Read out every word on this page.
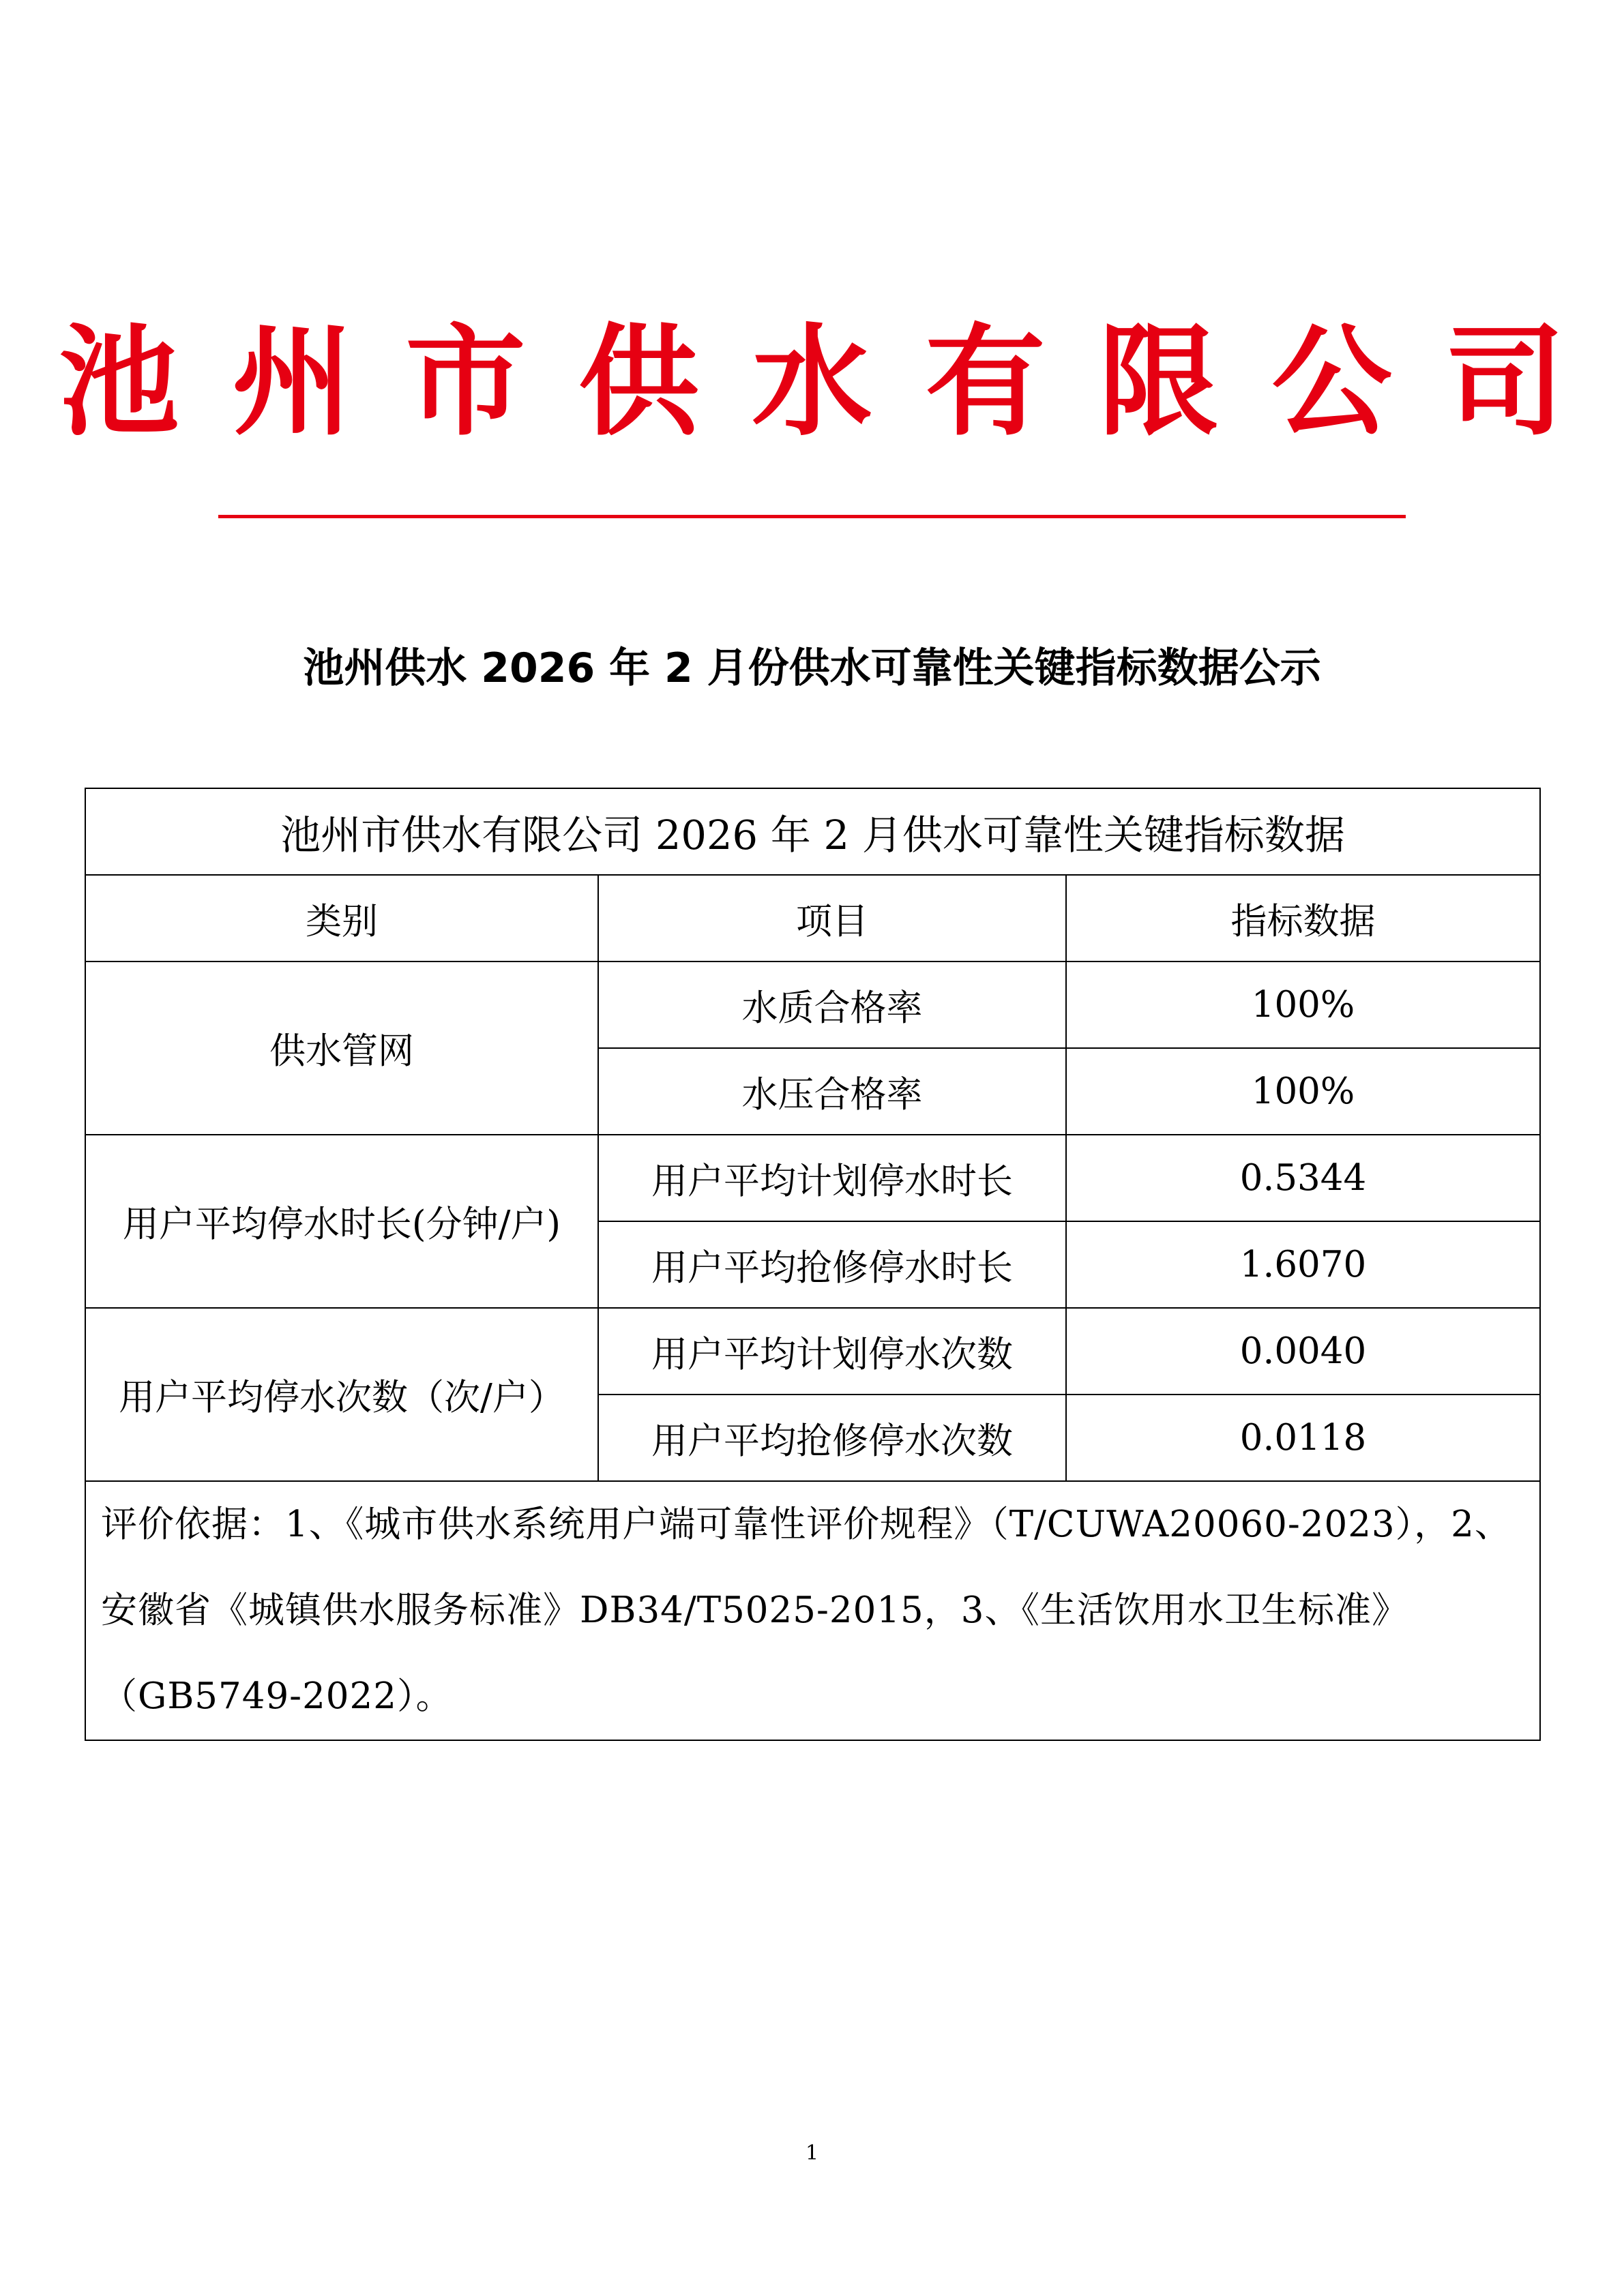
池州市供水有限公司
池州供水 2026 年 2 月份供水可靠性关键指标数据公示
池州市供水有限公司 2026 年 2 月供水可靠性关键指标数据		
类别	项目	指标数据
供水管网	水质合格率	100%
	水压合格率	100%
用户平均停水时长(分钟/户)	用户平均计划停水时长	0.5344
	用户平均抢修停水时长	1.6070
用户平均停水次数（次/户）	用户平均计划停水次数	0.0040
	用户平均抢修停水次数	0.0118
评价依据：1、《城市供水系统用户端可靠性评价规程》（T/CUWA20060-2023），2、安徽省《城镇供水服务标准》DB34/T5025-2015，3、《生活饮用水卫生标准》（GB5749-2022）。		
1
